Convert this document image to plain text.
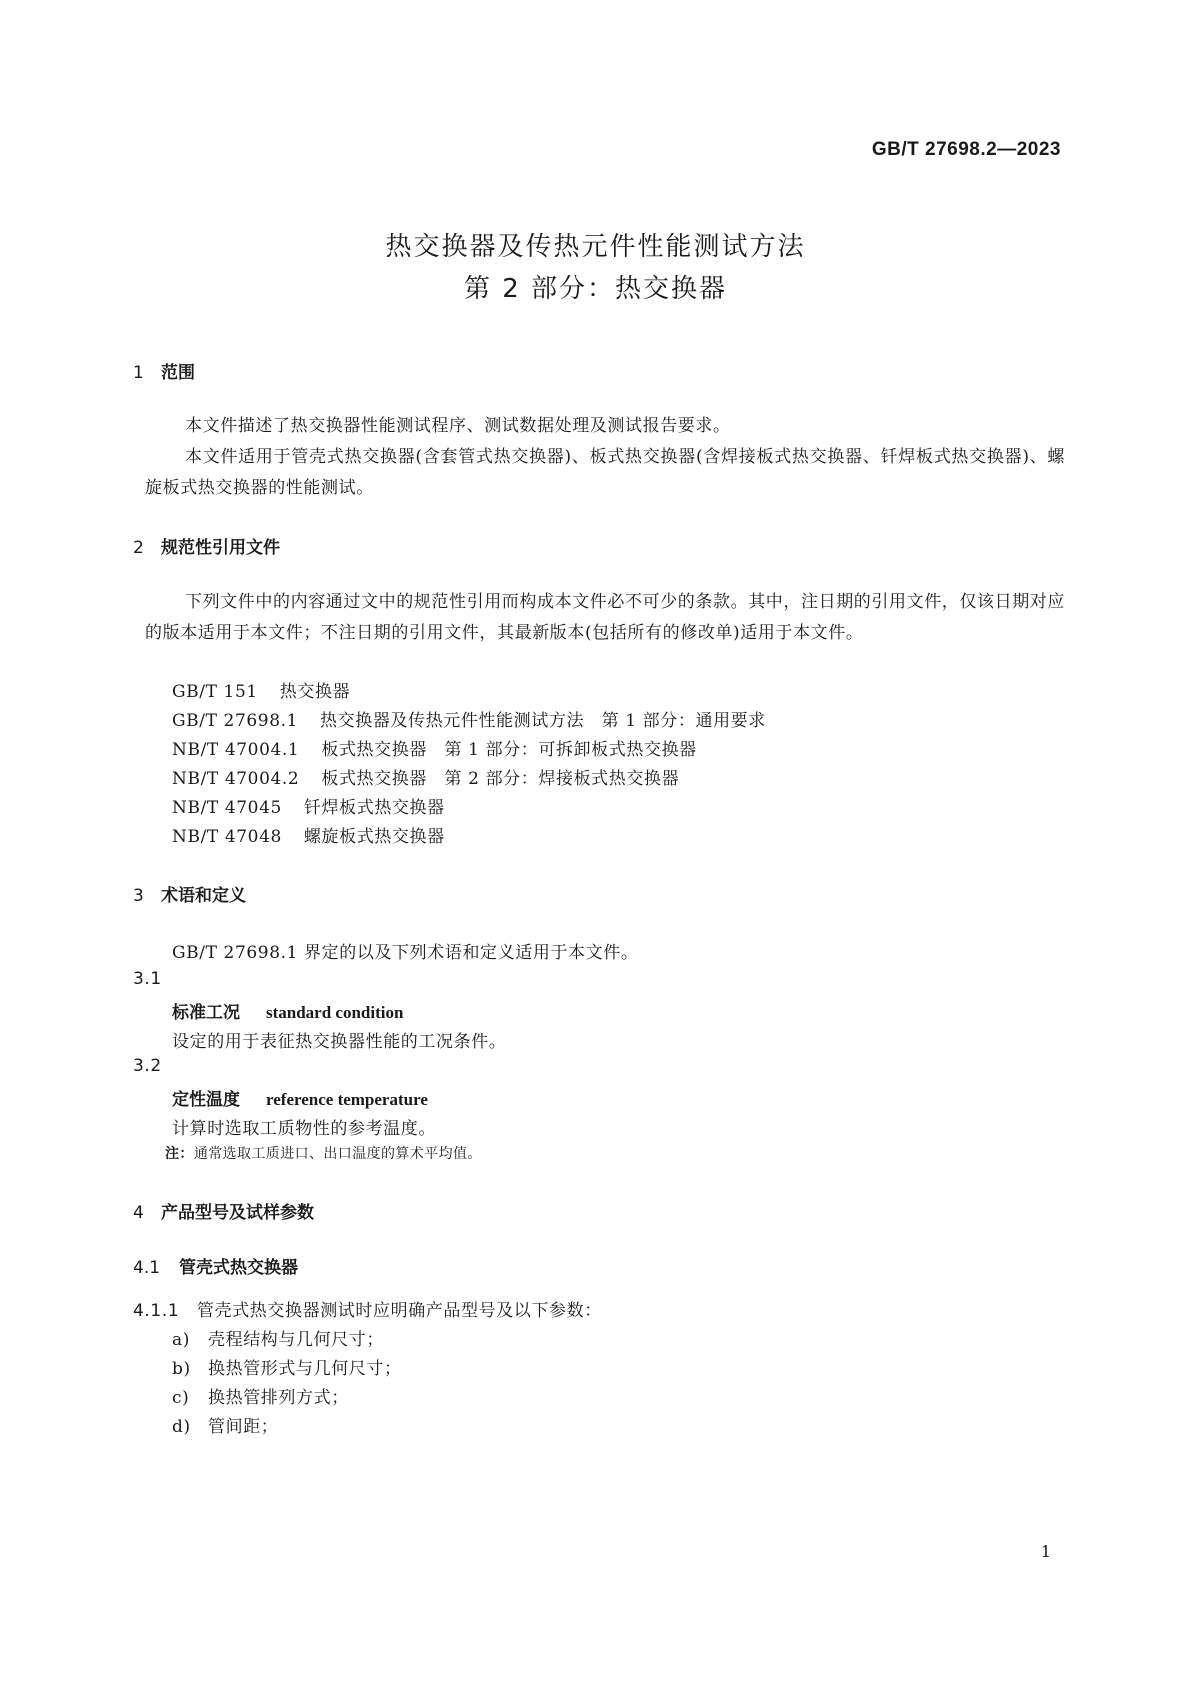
GB/T 27698.2—2023
热交换器及传热元件性能测试方法
第 2 部分：热交换器
1 范围
本文件描述了热交换器性能测试程序、测试数据处理及测试报告要求。
本文件适用于管壳式热交换器(含套管式热交换器)、板式热交换器(含焊接板式热交换器、钎焊板式热交换器)、螺旋板式热交换器的性能测试。
2 规范性引用文件
下列文件中的内容通过文中的规范性引用而构成本文件必不可少的条款。其中，注日期的引用文件，仅该日期对应的版本适用于本文件；不注日期的引用文件，其最新版本(包括所有的修改单)适用于本文件。
GB/T 151 热交换器
GB/T 27698.1 热交换器及传热元件性能测试方法　第 1 部分：通用要求
NB/T 47004.1 板式热交换器　第 1 部分：可拆卸板式热交换器
NB/T 47004.2 板式热交换器　第 2 部分：焊接板式热交换器
NB/T 47045 钎焊板式热交换器
NB/T 47048 螺旋板式热交换器
3 术语和定义
GB/T 27698.1 界定的以及下列术语和定义适用于本文件。
3.1
标准工况 standard condition
设定的用于表征热交换器性能的工况条件。
3.2
定性温度 reference temperature
计算时选取工质物性的参考温度。
注：通常选取工质进口、出口温度的算术平均值。
4 产品型号及试样参数
4.1 管壳式热交换器
4.1.1 管壳式热交换器测试时应明确产品型号及以下参数：
a) 壳程结构与几何尺寸；
b) 换热管形式与几何尺寸；
c) 换热管排列方式；
d) 管间距；
1
